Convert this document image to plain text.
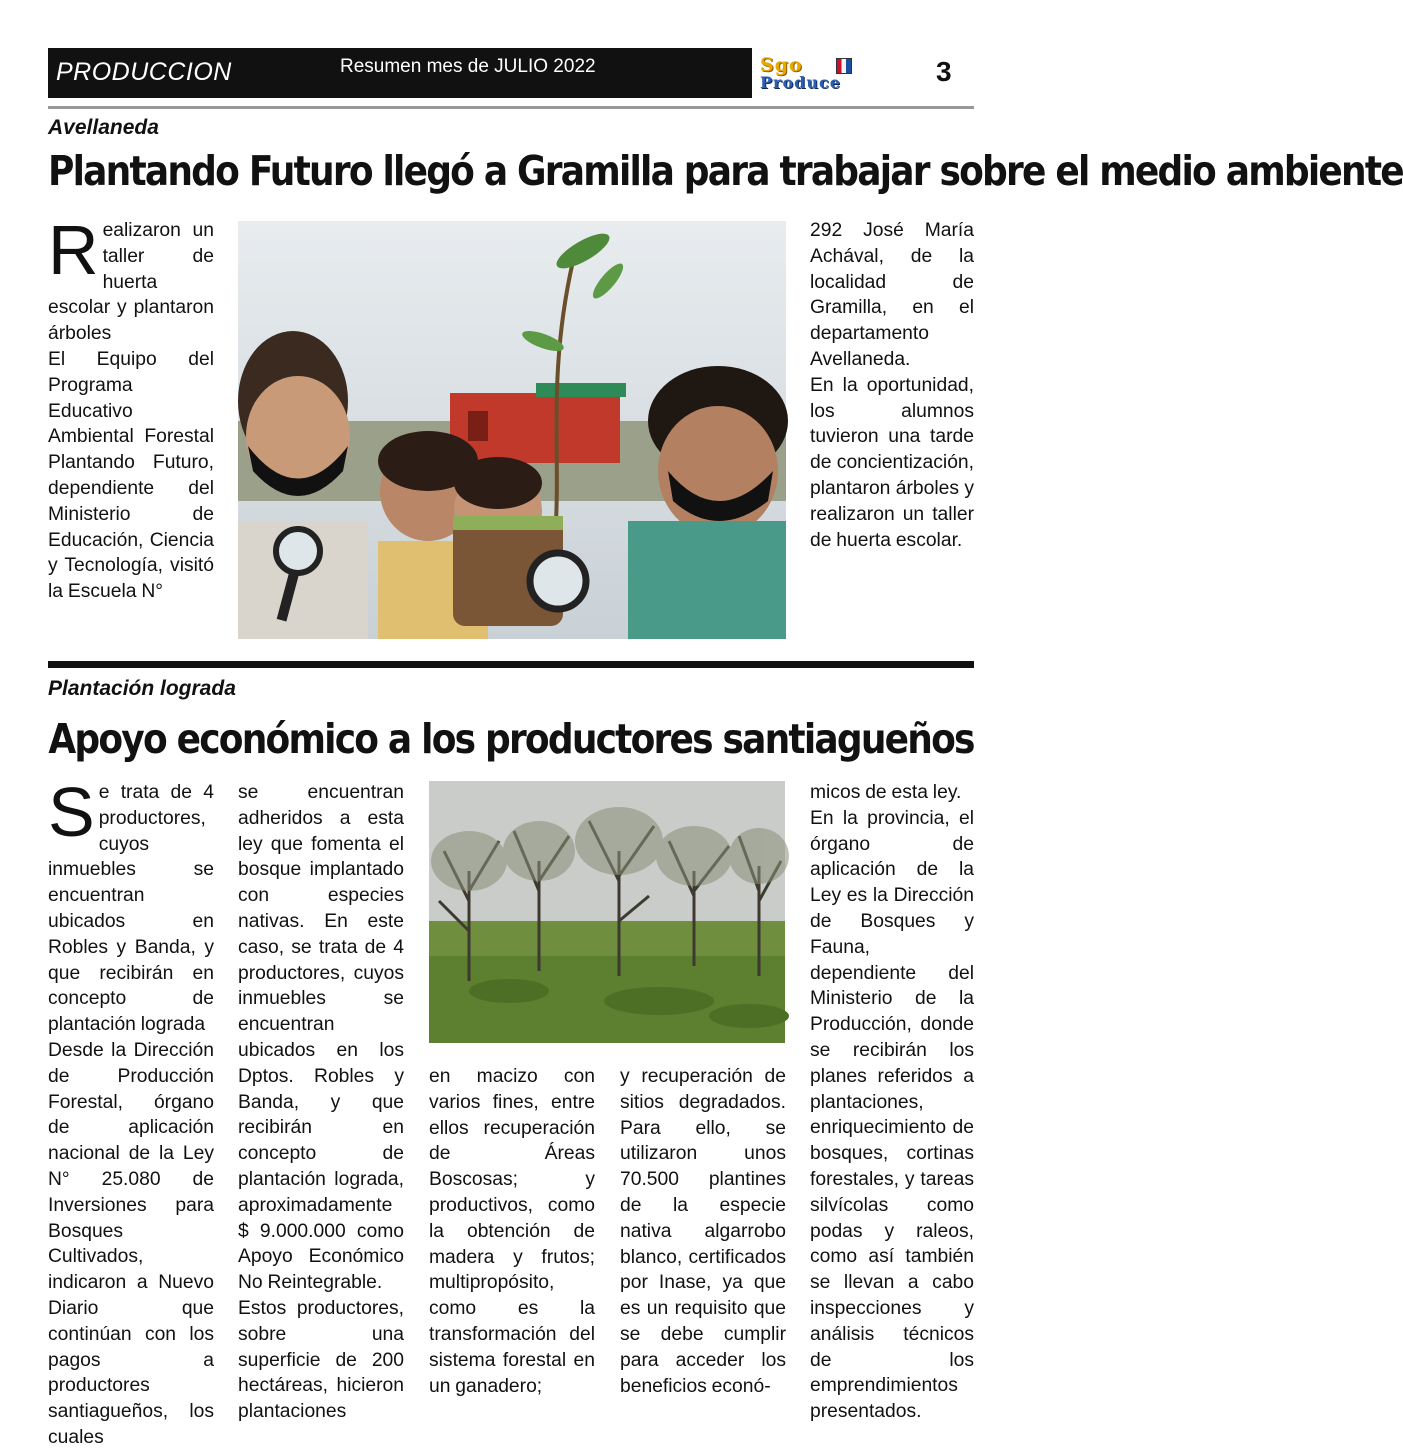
PRODUCCION	Resumen mes de JULIO 2022	Sgo
Produce	3
Avellaneda
Plantando Futuro llegó a Gramilla para trabajar sobre el medio ambiente
R ealizaron un taller de huerta escolar y plantaron árboles

El Equipo del Programa Educativo Ambiental Forestal Plantando Futuro, dependiente del Ministerio de Educación, Ciencia y Tecnología, visitó la Escuela N°

292 José María Achával, de la localidad de Gramilla, en el departamento Avellaneda.

En la oportunidad, los alumnos tuvieron una tarde de concientización, plantaron árboles y realizaron un taller de huerta escolar.

Plantación lograda
Apoyo económico a los productores santiagueños
S e trata de 4 productores, cuyos inmuebles se encuentran ubicados en Robles y Banda, y que recibirán en concepto de plantación lograda

Desde la Dirección de Producción Forestal, órgano de aplicación nacional de la Ley N° 25.080 de Inversiones para Bosques Cultivados, indicaron a Nuevo Diario que continúan con los pagos a productores santiagueños, los cuales

se encuentran adheridos a esta ley que fomenta el bosque implantado con especies nativas. En este caso, se trata de 4 productores, cuyos inmuebles se encuentran ubicados en los Dptos. Robles y Banda, y que recibirán en concepto de plantación lograda, aproximadamente $ 9.000.000 como Apoyo Económico No Reintegrable.

Estos productores, sobre una superficie de 200 hectáreas, hicieron plantaciones

en macizo con varios fines, entre ellos recuperación de Áreas Boscosas; y productivos, como la obtención de madera y frutos; multipropósito, como es la transformación del sistema forestal en un ganadero;

y recuperación de sitios degradados. Para ello, se utilizaron unos 70.500 plantines de la especie nativa algarrobo blanco, certificados por Inase, ya que es un requisito que se debe cumplir para acceder los beneficios econó-

micos de esta ley.

En la provincia, el órgano de aplicación de la Ley es la Dirección de Bosques y Fauna, dependiente del Ministerio de la Producción, donde se recibirán los planes referidos a plantaciones, enriquecimiento de bosques, cortinas forestales, y tareas silvícolas como podas y raleos, como así también se llevan a cabo inspecciones y análisis técnicos de los emprendimientos presentados.
